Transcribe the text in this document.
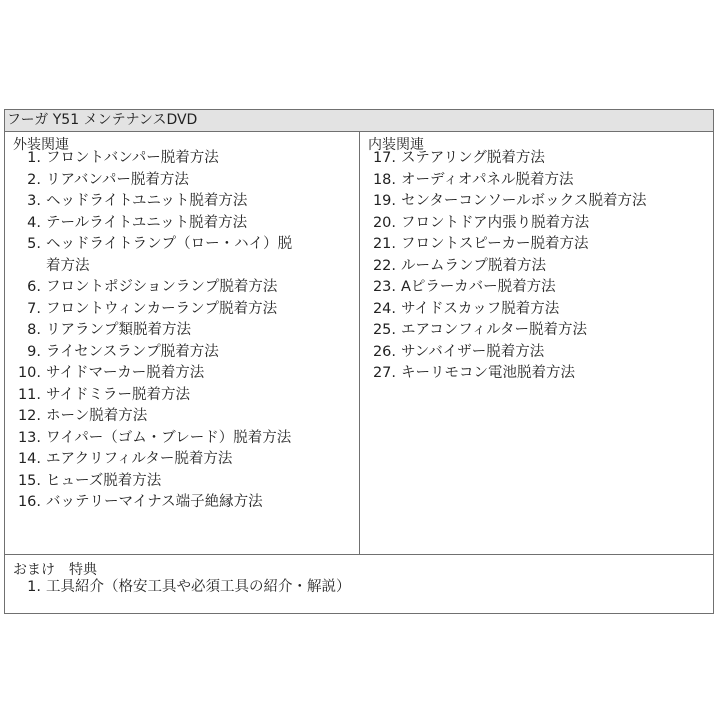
フーガ Y51 メンテナンスDVD
外装関連
1. フロントバンパー脱着方法
2. リアバンパー脱着方法
3. ヘッドライトユニット脱着方法
4. テールライトユニット脱着方法
5. ヘッドライトランプ（ロー・ハイ）脱
着方法
6. フロントポジションランプ脱着方法
7. フロントウィンカーランプ脱着方法
8. リアランプ類脱着方法
9. ライセンスランプ脱着方法
10. サイドマーカー脱着方法
11. サイドミラー脱着方法
12. ホーン脱着方法
13. ワイパー（ゴム・ブレード）脱着方法
14. エアクリフィルター脱着方法
15. ヒューズ脱着方法
16. バッテリーマイナス端子絶縁方法
内装関連
17. ステアリング脱着方法
18. オーディオパネル脱着方法
19. センターコンソールボックス脱着方法
20. フロントドア内張り脱着方法
21. フロントスピーカー脱着方法
22. ルームランプ脱着方法
23. Aピラーカバー脱着方法
24. サイドスカッフ脱着方法
25. エアコンフィルター脱着方法
26. サンバイザー脱着方法
27. キーリモコン電池脱着方法
おまけ　特典
1. 工具紹介（格安工具や必須工具の紹介・解説）
